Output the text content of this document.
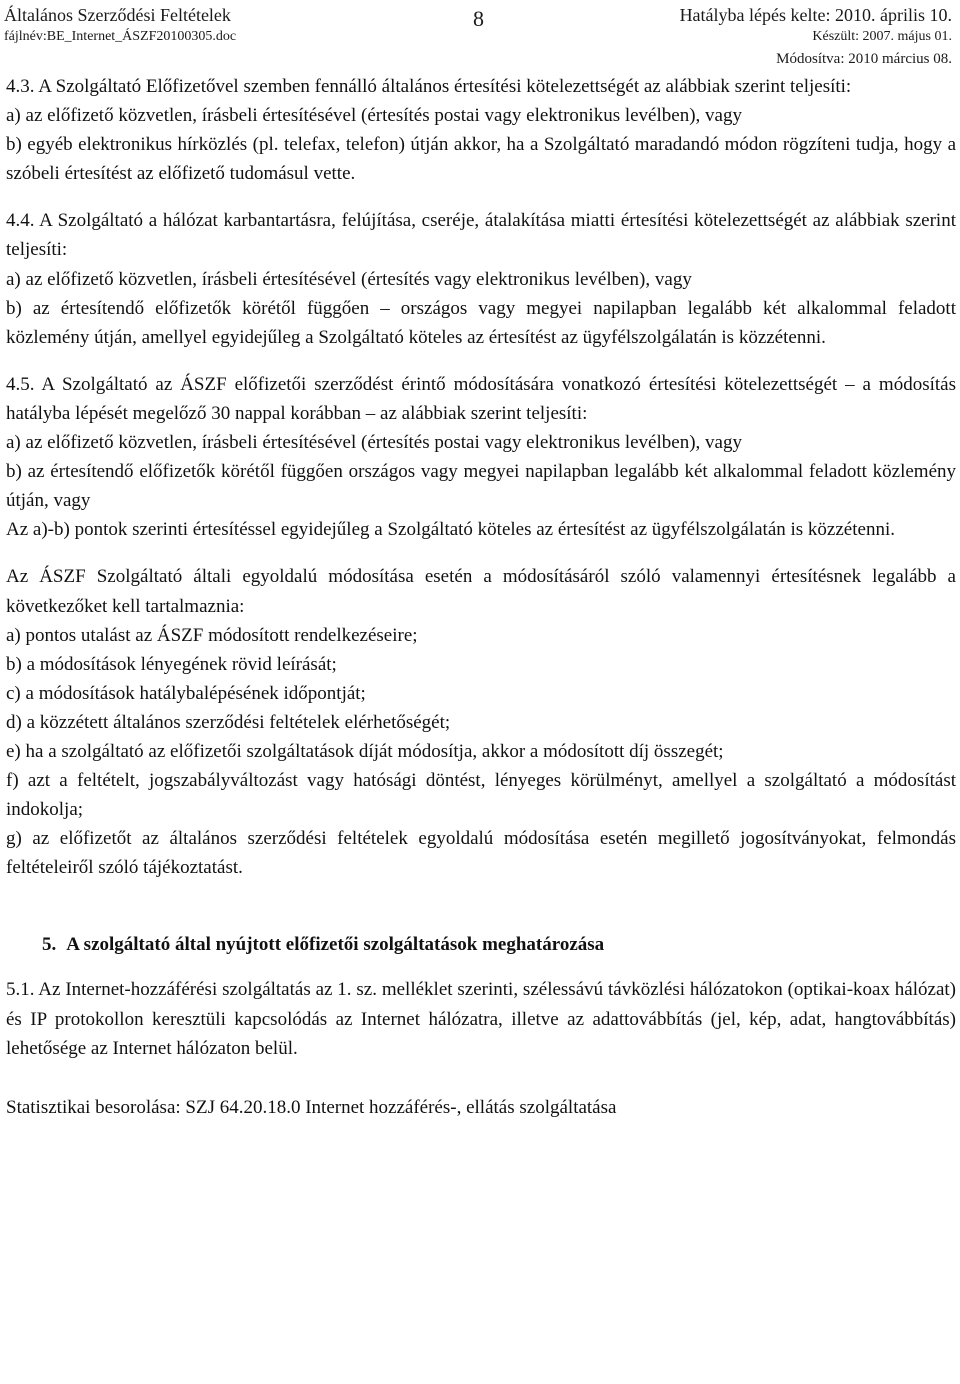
Általános Szerződési Feltételek
fájlnév:BE_Internet_ÁSZF20100305.doc
8	Hatályba lépés kelte: 2010. április 10.
Készült: 2007. május 01.
Módosítva: 2010 március 08.

4.3. A Szolgáltató Előfizetővel szemben fennálló általános értesítési kötelezettségét az alábbiak szerint teljesíti:

a) az előfizető közvetlen, írásbeli értesítésével (értesítés postai vagy elektronikus levélben), vagy

b) egyéb elektronikus hírközlés (pl. telefax, telefon) útján akkor, ha a Szolgáltató maradandó módon rögzíteni tudja, hogy a szóbeli értesítést az előfizető tudomásul vette.

4.4. A Szolgáltató a hálózat karbantartásra, felújítása, cseréje, átalakítása miatti értesítési kötelezettségét az alábbiak szerint teljesíti:

a) az előfizető közvetlen, írásbeli értesítésével (értesítés vagy elektronikus levélben), vagy

b) az értesítendő előfizetők körétől függően – országos vagy megyei napilapban legalább két alkalommal feladott közlemény útján, amellyel egyidejűleg a Szolgáltató köteles az értesítést az ügyfélszolgálatán is közzétenni.

4.5. A Szolgáltató az ÁSZF előfizetői szerződést érintő módosítására vonatkozó értesítési kötelezettségét – a módosítás hatályba lépését megelőző 30 nappal korábban – az alábbiak szerint teljesíti:

a) az előfizető közvetlen, írásbeli értesítésével (értesítés postai vagy elektronikus levélben), vagy

b) az értesítendő előfizetők körétől függően országos vagy megyei napilapban legalább két alkalommal feladott közlemény útján, vagy

Az a)-b) pontok szerinti értesítéssel egyidejűleg a Szolgáltató köteles az értesítést az ügyfélszolgálatán is közzétenni.

Az ÁSZF Szolgáltató általi egyoldalú módosítása esetén a módosításáról szóló valamennyi értesítésnek legalább a következőket kell tartalmaznia:

a) pontos utalást az ÁSZF módosított rendelkezéseire;

b) a módosítások lényegének rövid leírását;

c) a módosítások hatálybalépésének időpontját;

d) a közzétett általános szerződési feltételek elérhetőségét;

e) ha a szolgáltató az előfizetői szolgáltatások díját módosítja, akkor a módosított díj összegét;

f) azt a feltételt, jogszabályváltozást vagy hatósági döntést, lényeges körülményt, amellyel a szolgáltató a módosítást indokolja;

g) az előfizetőt az általános szerződési feltételek egyoldalú módosítása esetén megillető jogosítványokat, felmondás feltételeiről szóló tájékoztatást.

5. A szolgáltató által nyújtott előfizetői szolgáltatások meghatározása

5.1. Az Internet-hozzáférési szolgáltatás az 1. sz. melléklet szerinti, szélessávú távközlési hálózatokon (optikai-koax hálózat) és IP protokollon keresztüli kapcsolódás az Internet hálózatra, illetve az adattovábbítás (jel, kép, adat, hangtovábbítás) lehetősége az Internet hálózaton belül.

Statisztikai besorolása: SZJ 64.20.18.0 Internet hozzáférés-, ellátás szolgáltatása
